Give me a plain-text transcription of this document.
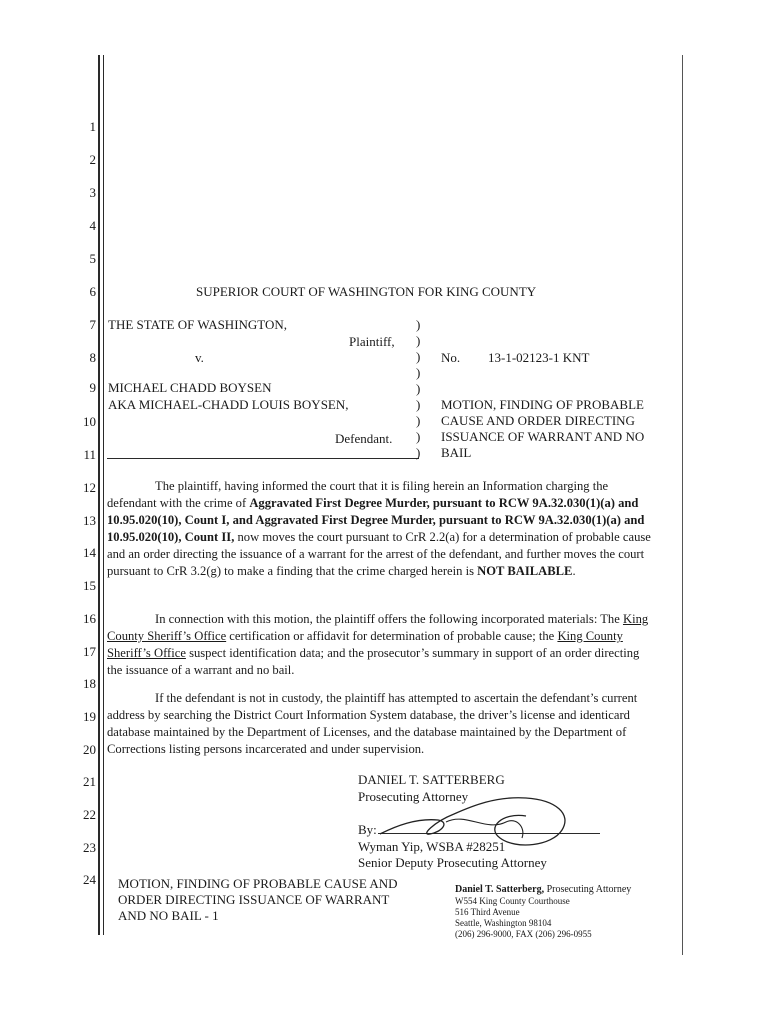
1
2
3
4
5
6
7
8
9
10
11
12
13
14
15
16
17
18
19
20
21
22
23
24
SUPERIOR COURT OF WASHINGTON FOR KING COUNTY
THE STATE OF WASHINGTON,
Plaintiff,
v.
MICHAEL CHADD BOYSEN
AKA MICHAEL-CHADD LOUIS BOYSEN,
Defendant.
)
)
)
)
)
)
)
)
)
No. 13-1-02123-1 KNT
MOTION, FINDING OF PROBABLE
CAUSE AND ORDER DIRECTING
ISSUANCE OF WARRANT AND NO
BAIL

The plaintiff, having informed the court that it is filing herein an Information charging the defendant with the crime of Aggravated First Degree Murder, pursuant to RCW 9A.32.030(1)(a) and 10.95.020(10), Count I, and Aggravated First Degree Murder, pursuant to RCW 9A.32.030(1)(a) and 10.95.020(10), Count II, now moves the court pursuant to CrR 2.2(a) for a determination of probable cause and an order directing the issuance of a warrant for the arrest of the defendant, and further moves the court pursuant to CrR 3.2(g) to make a finding that the crime charged herein is NOT BAILABLE.

In connection with this motion, the plaintiff offers the following incorporated materials: The King County Sheriff’s Office certification or affidavit for determination of probable cause; the King County Sheriff’s Office suspect identification data; and the prosecutor’s summary in support of an order directing the issuance of a warrant and no bail.

If the defendant is not in custody, the plaintiff has attempted to ascertain the defendant’s current address by searching the District Court Information System database, the driver’s license and identicard database maintained by the Department of Licenses, and the database maintained by the Department of Corrections listing persons incarcerated and under supervision.

DANIEL T. SATTERBERG
Prosecuting Attorney
By:
Wyman Yip, WSBA #28251
Senior Deputy Prosecuting Attorney
MOTION, FINDING OF PROBABLE CAUSE AND
ORDER DIRECTING ISSUANCE OF WARRANT
AND NO BAIL - 1
Daniel T. Satterberg, Prosecuting Attorney
W554 King County Courthouse
516 Third Avenue
Seattle, Washington 98104
(206) 296-9000, FAX (206) 296-0955
